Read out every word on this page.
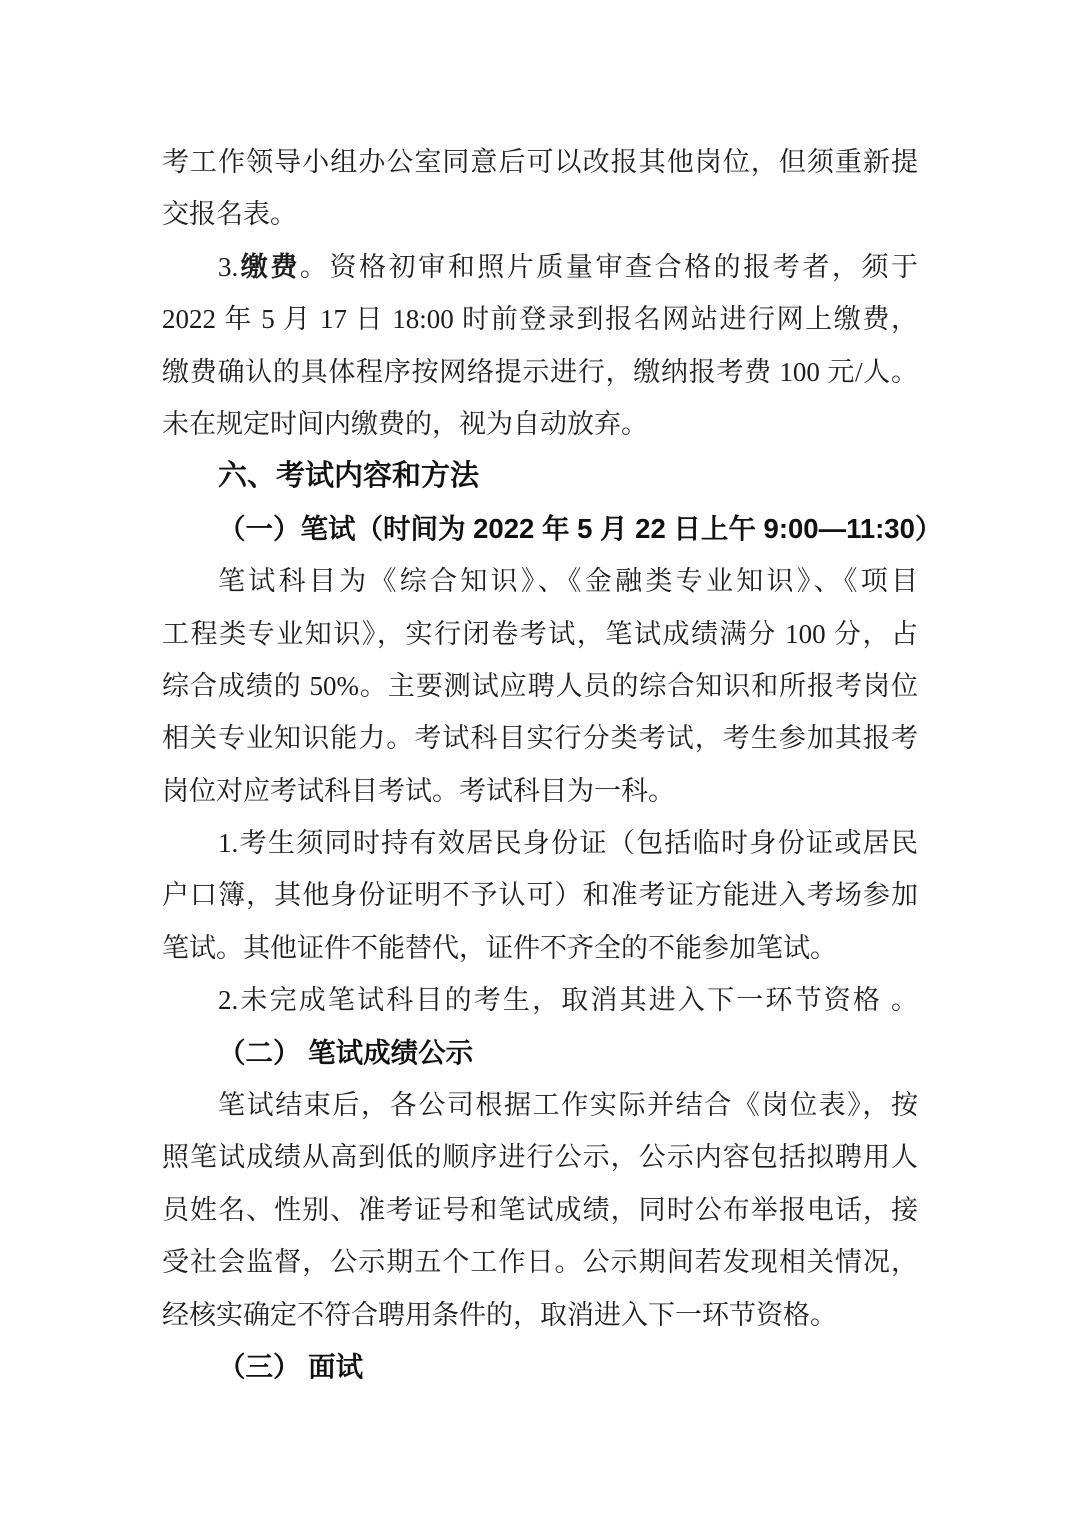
考工作领导小组办公室同意后可以改报其他岗位，但须重新提
交报名表。
3.缴费。资格初审和照片质量审查合格的报考者，须于
2022 年 5 月 17 日 18:00 时前登录到报名网站进行网上缴费，
缴费确认的具体程序按网络提示进行，缴纳报考费 100 元/人。
未在规定时间内缴费的，视为自动放弃。
六、考试内容和方法
（一）笔试（时间为 2022 年 5 月 22 日上午 9:00—11:30）
笔试科目为《综合知识》、《金融类专业知识》、《项目
工程类专业知识》，实行闭卷考试，笔试成绩满分 100 分，占
综合成绩的 50%。主要测试应聘人员的综合知识和所报考岗位
相关专业知识能力。考试科目实行分类考试，考生参加其报考
岗位对应考试科目考试。考试科目为一科。
1.考生须同时持有效居民身份证（包括临时身份证或居民
户口簿，其他身份证明不予认可）和准考证方能进入考场参加
笔试。其他证件不能替代，证件不齐全的不能参加笔试。
2.未完成笔试科目的考生，取消其进入下一环节资格 。
（二） 笔试成绩公示
笔试结束后，各公司根据工作实际并结合《岗位表》，按
照笔试成绩从高到低的顺序进行公示，公示内容包括拟聘用人
员姓名、性别、准考证号和笔试成绩，同时公布举报电话，接
受社会监督，公示期五个工作日。公示期间若发现相关情况，
经核实确定不符合聘用条件的，取消进入下一环节资格。
（三） 面试
